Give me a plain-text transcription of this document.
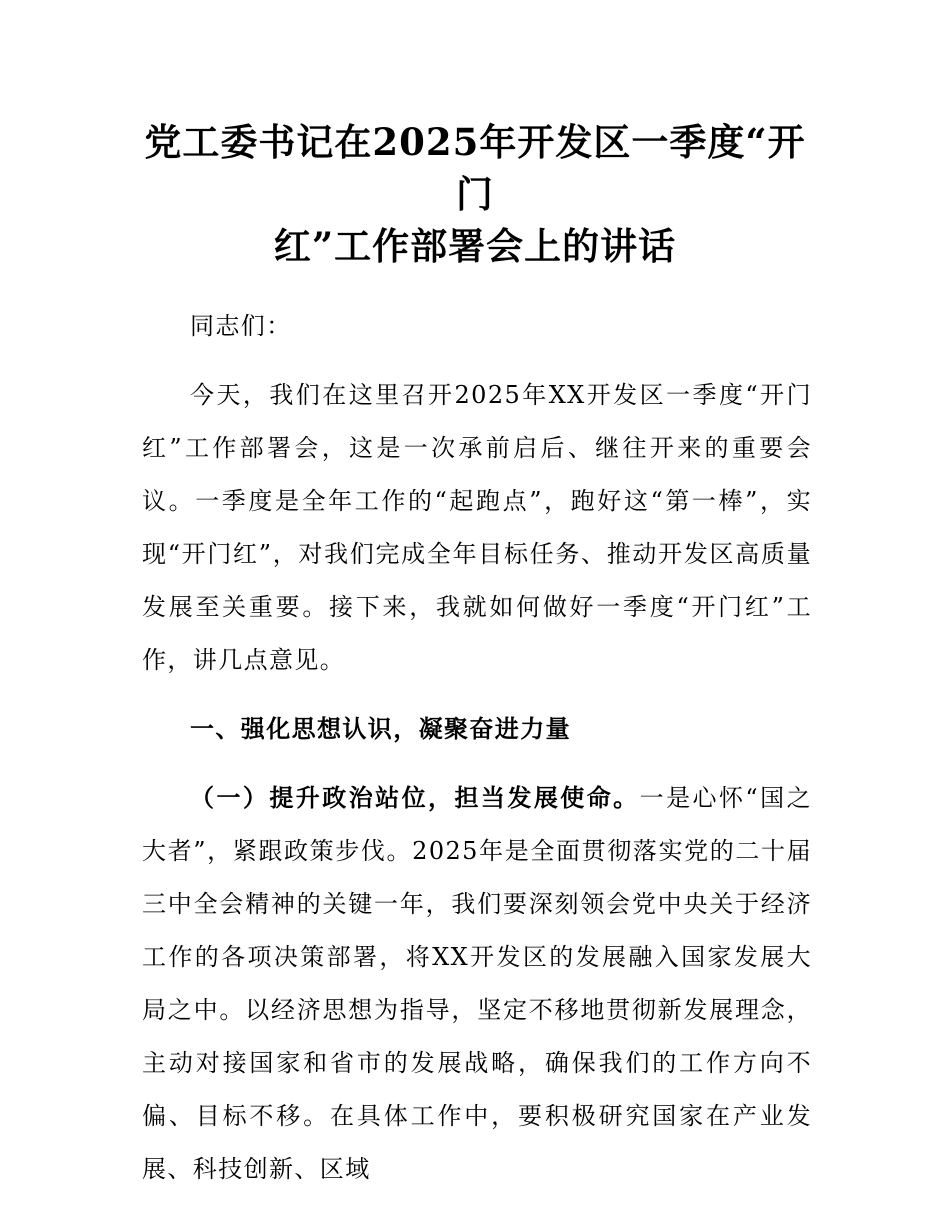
党工委书记在2025年开发区一季度“开门
红”工作部署会上的讲话

同志们：

今天，我们在这里召开2025年XX开发区一季度“开门红”工作部署会，这是一次承前启后、继往开来的重要会议。一季度是全年工作的“起跑点”，跑好这“第一棒”，实现“开门红”，对我们完成全年目标任务、推动开发区高质量发展至关重要。接下来，我就如何做好一季度“开门红”工作，讲几点意见。

一、强化思想认识，凝聚奋进力量

（一）提升政治站位，担当发展使命。一是心怀“国之大者”，紧跟政策步伐。2025年是全面贯彻落实党的二十届三中全会精神的关键一年，我们要深刻领会党中央关于经济工作的各项决策部署，将XX开发区的发展融入国家发展大局之中。以经济思想为指导，坚定不移地贯彻新发展理念，主动对接国家和省市的发展战略，确保我们的工作方向不偏、目标不移。在具体工作中，要积极研究国家在产业发展、科技创新、区域
